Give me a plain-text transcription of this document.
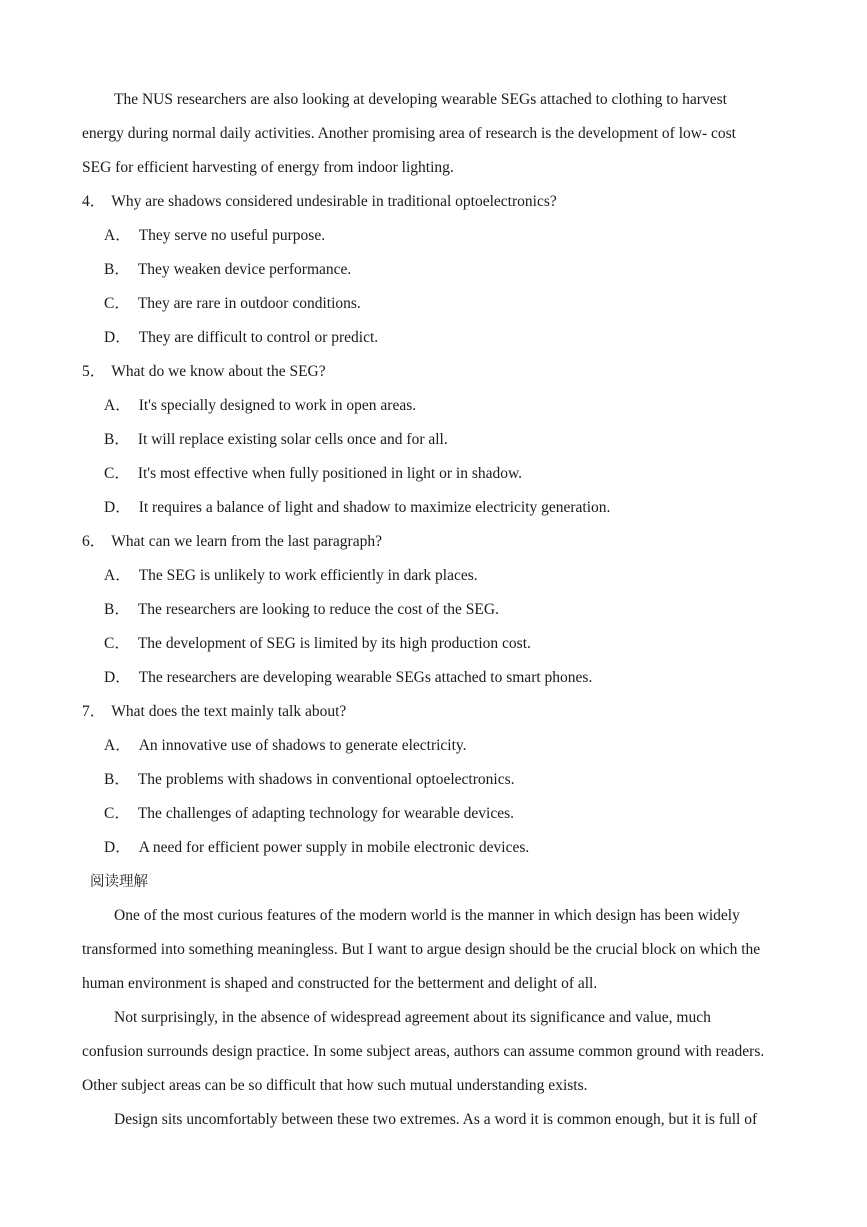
The NUS researchers are also looking at developing wearable SEGs attached to clothing to harvest
energy during normal daily activities. Another promising area of research is the development of low- cost
SEG for efficient harvesting of energy from indoor lighting.
4． Why are shadows considered undesirable in traditional optoelectronics?
A． They serve no useful purpose.
B． They weaken device performance.
C． They are rare in outdoor conditions.
D． They are difficult to control or predict.
5． What do we know about the SEG?
A． It's specially designed to work in open areas.
B． It will replace existing solar cells once and for all.
C． It's most effective when fully positioned in light or in shadow.
D． It requires a balance of light and shadow to maximize electricity generation.
6． What can we learn from the last paragraph?
A． The SEG is unlikely to work efficiently in dark places.
B． The researchers are looking to reduce the cost of the SEG.
C． The development of SEG is limited by its high production cost.
D． The researchers are developing wearable SEGs attached to smart phones.
7． What does the text mainly talk about?
A． An innovative use of shadows to generate electricity.
B． The problems with shadows in conventional optoelectronics.
C． The challenges of adapting technology for wearable devices.
D． A need for efficient power supply in mobile electronic devices.
阅读理解
One of the most curious features of the modern world is the manner in which design has been widely
transformed into something meaningless. But I want to argue design should be the crucial block on which the
human environment is shaped and constructed for the betterment and delight of all.
Not surprisingly, in the absence of widespread agreement about its significance and value, much
confusion surrounds design practice. In some subject areas, authors can assume common ground with readers.
Other subject areas can be so difficult that how such mutual understanding exists.
Design sits uncomfortably between these two extremes. As a word it is common enough, but it is full of
